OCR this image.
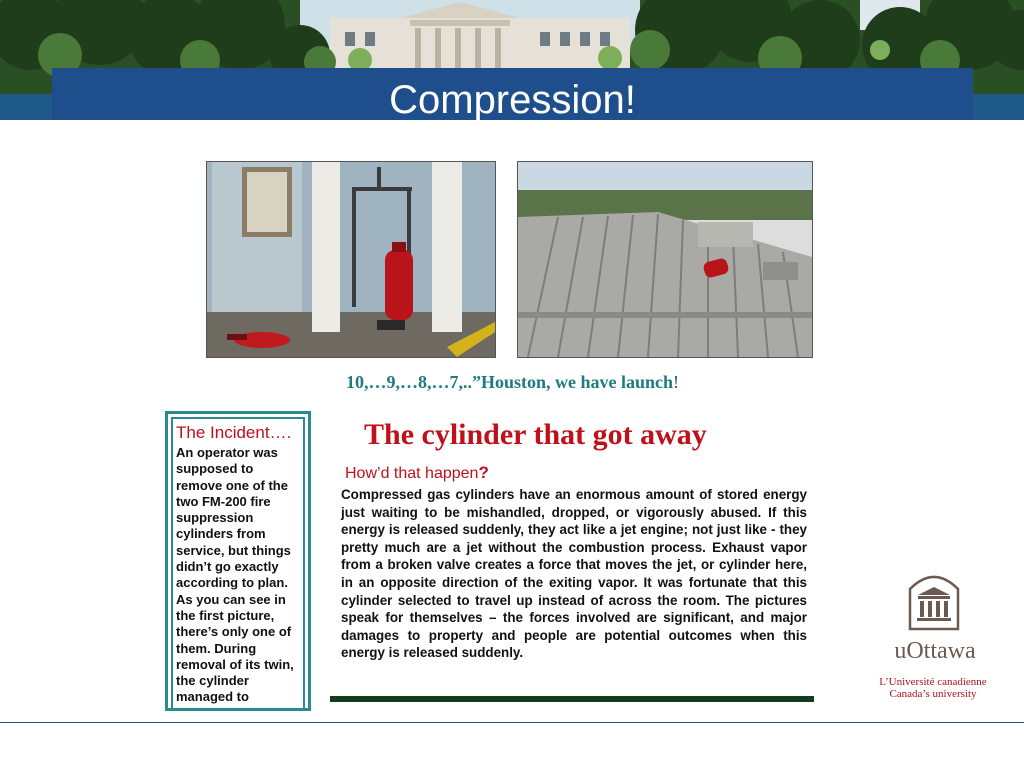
Compression!
10,…9,…8,…7,..”Houston, we have launch!
The Incident….
An operator was supposed to remove one of the two FM-200 fire suppression cylinders from service, but things didn’t go exactly according to plan. As you can see in the first picture, there’s only one of them. During removal of its twin, the cylinder managed to
The cylinder that got away
How’d that happen?
Compressed gas cylinders have an enormous amount of stored energy just waiting to be mishandled, dropped, or vigorously abused. If this energy is released suddenly, they act like a jet engine; not just like - they pretty much are a jet without the combustion process. Exhaust vapor from a broken valve creates a force that moves the jet, or cylinder here, in an opposite direction of the exiting vapor. It was fortunate that this cylinder selected to travel up instead of across the room. The pictures speak for themselves – the forces involved are significant, and major damages to property and people are potential outcomes when this energy is released suddenly.	uOttawa
L’Université canadienne
Canada’s university
